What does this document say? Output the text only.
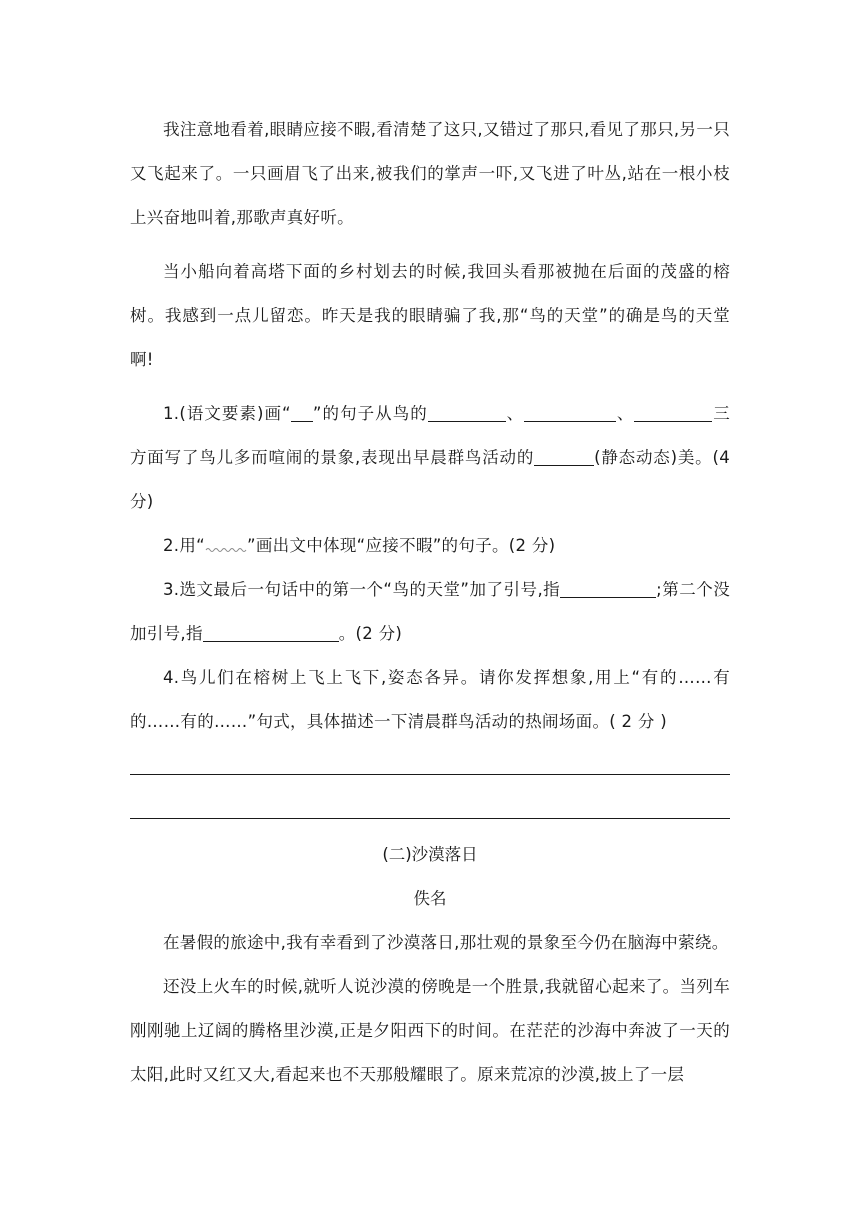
我注意地看着,眼睛应接不暇,看清楚了这只,又错过了那只,看见了那只,另一只又飞起来了。一只画眉飞了出来,被我们的掌声一吓,又飞进了叶丛,站在一根小枝上兴奋地叫着,那歌声真好听。

当小船向着高塔下面的乡村划去的时候,我回头看那被抛在后面的茂盛的榕树。我感到一点儿留恋。昨天是我的眼睛骗了我,那“鸟的天堂”的确是鸟的天堂啊!

1.(语文要素)画“ ”的句子从鸟的	、	、	三方面写了鸟儿多而喧闹的景象,表现出早晨群鸟活动的	(静态动态)美。(4分)

2.用“	”画出文中体现“应接不暇”的句子。(2 分)

3.选文最后一句话中的第一个“鸟的天堂”加了引号,指	;第二个没加引号,指	。(2 分)

4.鸟儿们在榕树上飞上飞下,姿态各异。请你发挥想象,用上“有的……有的……有的……”句式，具体描述一下清晨群鸟活动的热闹场面。( 2 分 )

(二)沙漠落日

佚名

在暑假的旅途中,我有幸看到了沙漠落日,那壮观的景象至今仍在脑海中萦绕。

还没上火车的时候,就听人说沙漠的傍晚是一个胜景,我就留心起来了。当列车刚刚驰上辽阔的腾格里沙漠,正是夕阳西下的时间。在茫茫的沙海中奔波了一天的太阳,此时又红又大,看起来也不天那般耀眼了。原来荒凉的沙漠,披上了一层
